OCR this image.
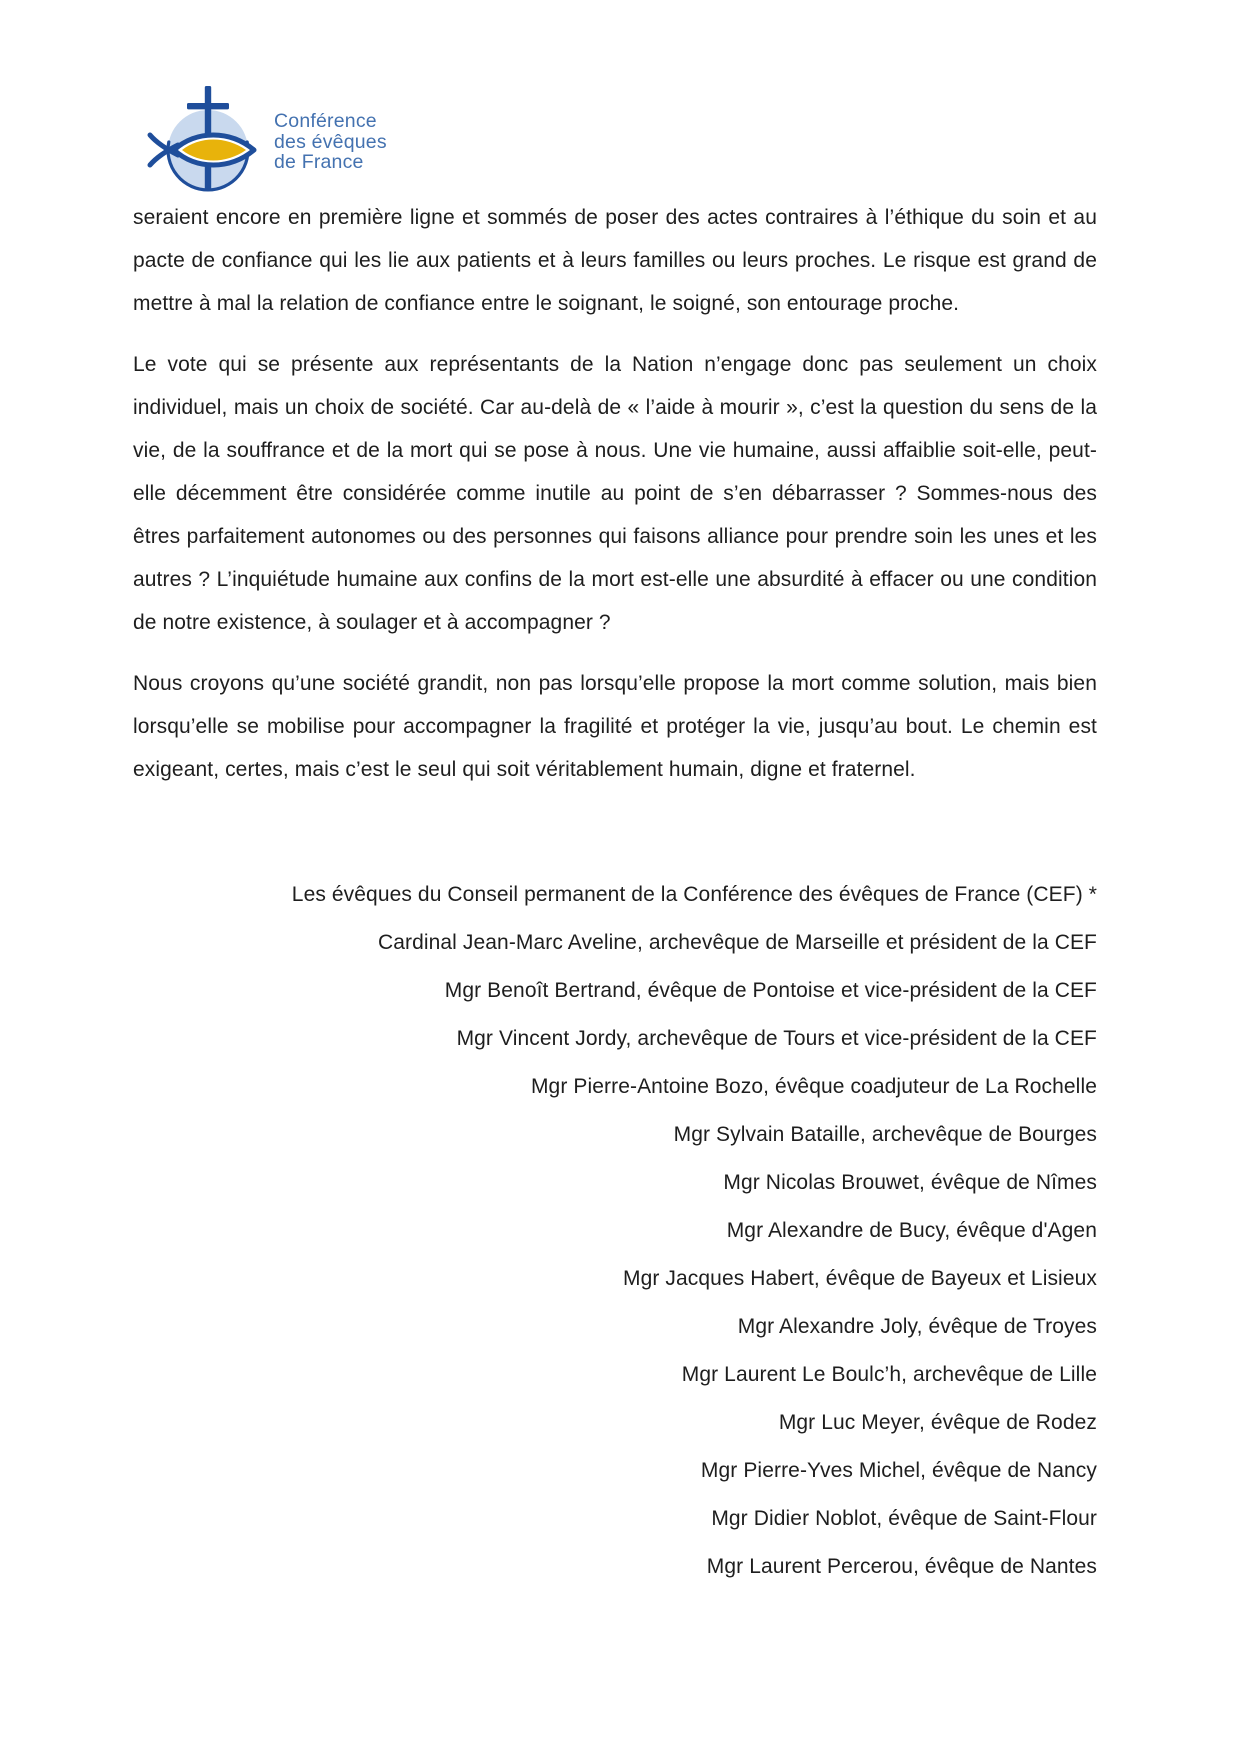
Conférence
des évêques
de France

seraient encore en première ligne et sommés de poser des actes contraires à l’éthique du soin et au pacte de confiance qui les lie aux patients et à leurs familles ou leurs proches. Le risque est grand de mettre à mal la relation de confiance entre le soignant, le soigné, son entourage proche.

Le vote qui se présente aux représentants de la Nation n’engage donc pas seulement un choix individuel, mais un choix de société. Car au-delà de « l’aide à mourir », c’est la question du sens de la vie, de la souffrance et de la mort qui se pose à nous. Une vie humaine, aussi affaiblie soit-elle, peut-elle décemment être considérée comme inutile au point de s’en débarrasser ? Sommes-nous des êtres parfaitement autonomes ou des personnes qui faisons alliance pour prendre soin les unes et les autres ? L’inquiétude humaine aux confins de la mort est-elle une absurdité à effacer ou une condition de notre existence, à soulager et à accompagner ?

Nous croyons qu’une société grandit, non pas lorsqu’elle propose la mort comme solution, mais bien lorsqu’elle se mobilise pour accompagner la fragilité et protéger la vie, jusqu’au bout. Le chemin est exigeant, certes, mais c’est le seul qui soit véritablement humain, digne et fraternel.

Les évêques du Conseil permanent de la Conférence des évêques de France (CEF) *
Cardinal Jean-Marc Aveline, archevêque de Marseille et président de la CEF
Mgr Benoît Bertrand, évêque de Pontoise et vice-président de la CEF
Mgr Vincent Jordy, archevêque de Tours et vice-président de la CEF
Mgr Pierre-Antoine Bozo, évêque coadjuteur de La Rochelle
Mgr Sylvain Bataille, archevêque de Bourges
Mgr Nicolas Brouwet, évêque de Nîmes
Mgr Alexandre de Bucy, évêque d'Agen
Mgr Jacques Habert, évêque de Bayeux et Lisieux
Mgr Alexandre Joly, évêque de Troyes
Mgr Laurent Le Boulc’h, archevêque de Lille
Mgr Luc Meyer, évêque de Rodez
Mgr Pierre-Yves Michel, évêque de Nancy
Mgr Didier Noblot, évêque de Saint-Flour
Mgr Laurent Percerou, évêque de Nantes
